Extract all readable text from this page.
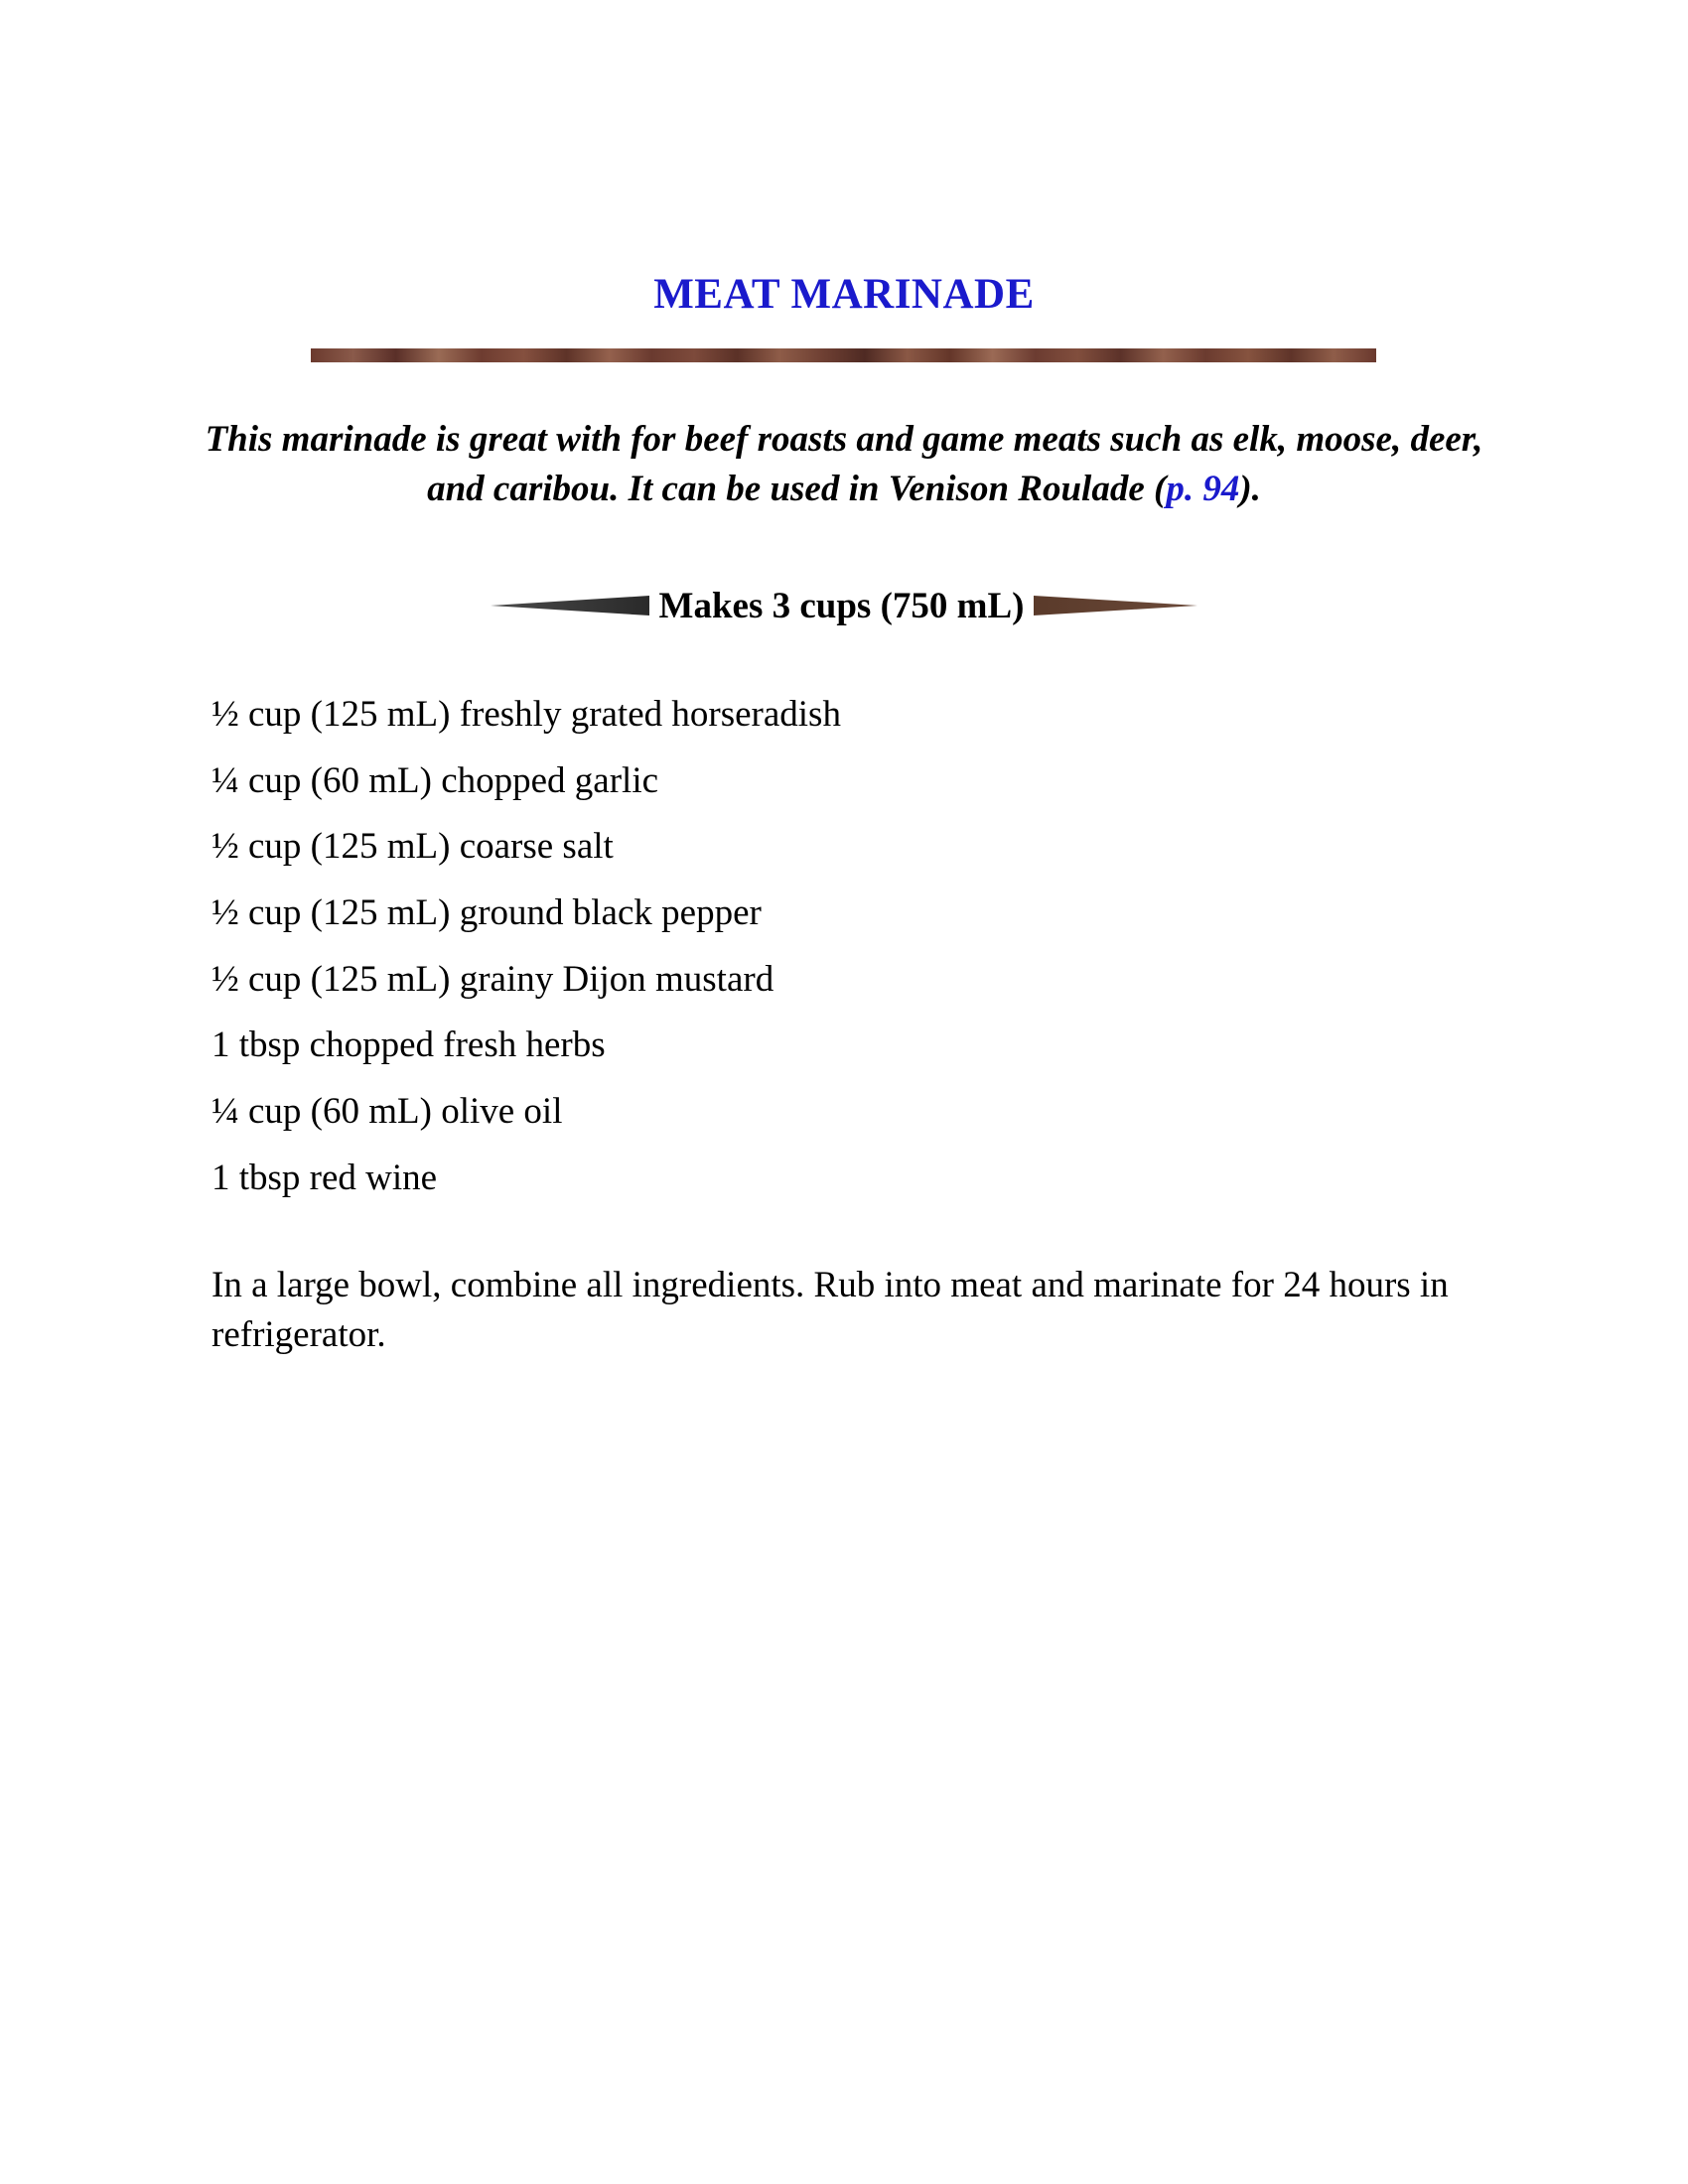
MEAT MARINADE
This marinade is great with for beef roasts and game meats such as elk, moose, deer, and caribou. It can be used in Venison Roulade (p. 94).
Makes 3 cups (750 mL)
½ cup (125 mL) freshly grated horseradish
¼ cup (60 mL) chopped garlic
½ cup (125 mL) coarse salt
½ cup (125 mL) ground black pepper
½ cup (125 mL) grainy Dijon mustard
1 tbsp chopped fresh herbs
¼ cup (60 mL) olive oil
1 tbsp red wine
In a large bowl, combine all ingredients. Rub into meat and marinate for 24 hours in refrigerator.
